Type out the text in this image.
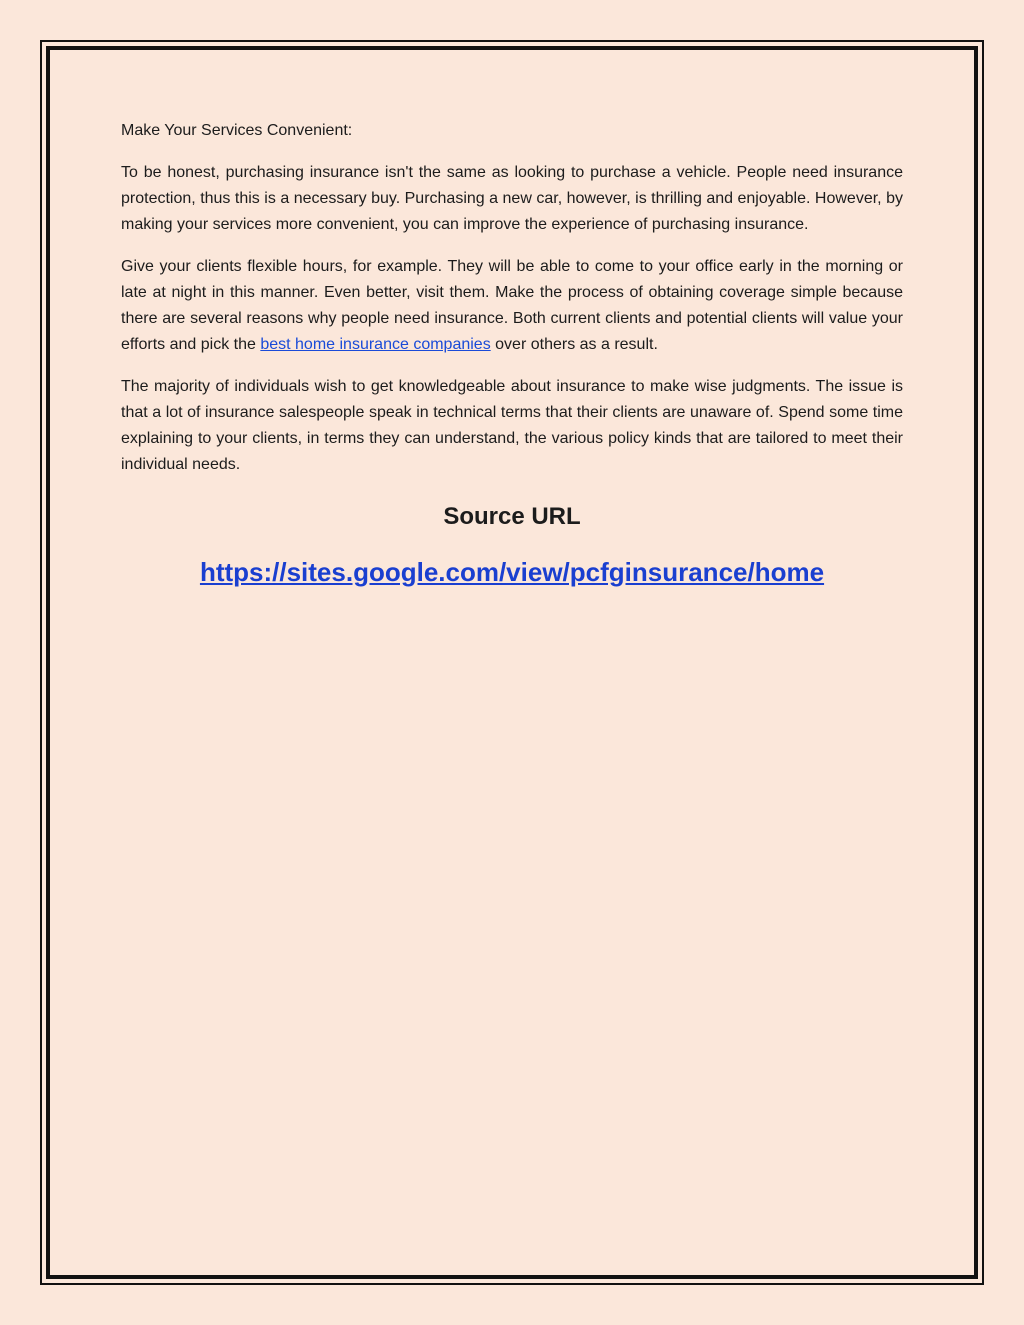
Make Your Services Convenient:

To be honest, purchasing insurance isn't the same as looking to purchase a vehicle. People need insurance protection, thus this is a necessary buy. Purchasing a new car, however, is thrilling and enjoyable. However, by making your services more convenient, you can improve the experience of purchasing insurance.

Give your clients flexible hours, for example. They will be able to come to your office early in the morning or late at night in this manner. Even better, visit them. Make the process of obtaining coverage simple because there are several reasons why people need insurance. Both current clients and potential clients will value your efforts and pick the best home insurance companies over others as a result.

The majority of individuals wish to get knowledgeable about insurance to make wise judgments. The issue is that a lot of insurance salespeople speak in technical terms that their clients are unaware of. Spend some time explaining to your clients, in terms they can understand, the various policy kinds that are tailored to meet their individual needs.

Source URL
https://sites.google.com/view/pcfginsurance/home
